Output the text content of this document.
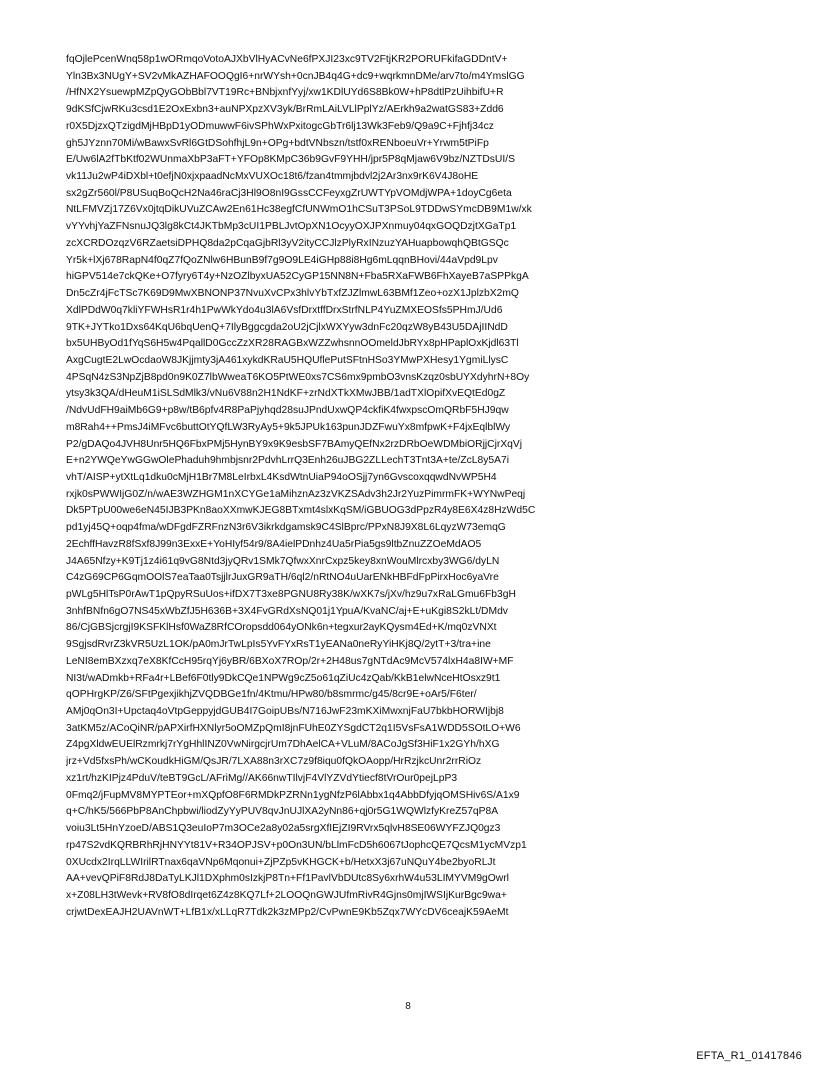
fqOjlePcenWnq58p1wORmqoVotoAJXbVlHyACvNe6fPXJI23xc9TV2FtjKR2PORUFkifaGDDntV+
Yln3Bx3NUgY+SV2vMkAZHAFOOQgI6+nrWYsh+0cnJB4q4G+dc9+wqrkmnDMe/arv7to/m4YmslGG
/HfNX2YsuewpMZpQyGObBbl7VT19Rc+BNbjxnfYyj/xw1KDlUYd6S8Bk0W+hP8dtlPzUihbifU+R
9dKSfCjwRKu3csd1E2OxExbn3+auNPXpzXV3yk/BrRmLAiLVLlPplYz/AErkh9a2watGS83+Zdd6
r0X5DjzxQTzigdMjHBpD1yODmuwwF6ivSPhWxPxitogcGbTr6lj13Wk3Feb9/Q9a9C+Fjhfj34cz
gh5JYznn70Mi/wBawxSvRl6GtDSohfhjL9n+OPg+bdtVNbszn/tstf0xRENboeuVr+Yrwm5tPiFp
E/Uw6lA2fTbKtf02WUnmaXbP3aFT+YFOp8KMpC36b9GvF9YHH/jpr5P8qMjaw6V9bz/NZTDsUI/S
vk11Ju2wP4iDXbl+t0efjN0xjxpaadNcMxVUXOc18t6/fzan4tmmjbdvl2j2Ar3nx9rK6V4J8oHE
sx2gZr560l/P8USuqBoQcH2Na46raCj3Hl9O8nI9GssCCFeyxgZrUWTYpVOMdjWPA+1doyCg6eta
NtLFMVZj17Z6Vx0jtqDikUVuZCAw2En61Hc38egfCfUNWmO1hCSuT3PSoL9TDDwSYmcDB9M1w/xk
vYYvhjYaZFNsnuJQ3lg8kCt4JKTbMp3cUI1PBLJvtOpXN1OcyyOXJPXnmuy04qxGOQDzjtXGaTp1
zcXCRDOzqzV6RZaetsiDPHQ8da2pCqaGjbRl3yV2ityCCJlzPlyRxINzuzYAHuapbowqhQBtGSQc
Yr5k+lXj678RapN4f0qZ7fQoZNlw6HBunB9f7g9O9LE4iGHp88i8Hg6mLqqnBHovi/44aVpd9Lpv
hiGPV514e7ckQKe+O7fyry6T4y+NzOZlbyxUA52CyGP15NN8N+Fba5RXaFWB6FhXayeB7aSPPkgA
Dn5cZr4jFcTSc7K69D9MwXBNONP37NvuXvCPx3hlvYbTxfZJZlmwL63BMf1Zeo+ozX1JplzbX2mQ
XdlPDdW0q7kliYFWHsR1r4h1PwWkYdo4u3lA6VsfDrxtffDrxStrfNLP4YuZMXEOSfs5PHmJ/Ud6
9TK+JYTko1Dxs64KqU6bqUenQ+7IlyBggcgda2oU2jCjlxWXYyw3dnFc20qzW8yB43U5DAjIINdD
bx5UHByOd1fYqS6H5w4PqallD0GccZzXR28RAGBxWZZwhsnnOOmeldJbRYx8pHPaplOxKjdl63Tl
AxgCugtE2LwOcdaoW8JKjjmty3jA461xykdKRaU5HQUflePutSFtnHSo3YMwPXHesy1YgmiLlysC
4PSqN4zS3NpZjB8pd0n9K0Z7lbWweaT6KO5PtWE0xs7CS6mx9pmbO3vnsKzqz0sbUYXdyhrN+8Oy
ytsy3k3QA/dHeuM1iSLSdMlk3/vNu6V88n2H1NdKF+zrNdXTkXMwJBB/1adTXlOpifXvEQtEd0gZ
/NdvUdFH9aiMb6G9+p8w/tB6pfv4R8PaPjyhqd28suJPndUxwQP4ckfiK4fwxpscOmQRbF5HJ9qw
m8Rah4++PmsJ4iMFvc6buttOtYQfLW3RyAy5+9k5JPUk163punJDZFwuYx8mfpwK+F4jxEqlblWy
P2/gDAQo4JVH8Unr5HQ6FbxPMj5HynBY9x9K9esbSF7BAmyQEfNx2rzDRbOeWDMbiORjjCjrXqVj
E+n2YWQeYwGGwOlePhaduh9hmbjsnr2PdvhLrrQ3Enh26uJBG2ZLLechT3Tnt3A+te/ZcL8y5A7i
vhT/AISP+ytXtLq1dku0cMjH1Br7M8LeIrbxL4KsdWtnUiaP94oOSjj7yn6GvscoxqqwdNvWP5H4
rxjk0sPWWIjG0Z/n/wAE3WZHGM1nXCYGe1aMihznAz3zVKZSAdv3h2Jr2YuzPimrmFK+WYNwPeqj
Dk5PTpU00we6eN45IJB3PKn8aoXXmwKJEG8BTxmt4slxKqSM/iGBUOG3dPpzR4y8E6X4z8HzWd5C
pd1yj45Q+oqp4fma/wDFgdFZRFnzN3r6V3ikrkdgamsk9C4SlBprc/PPxN8J9X8L6LqyzW73emqG
2EchffHavzR8fSxf8J99n3ExxE+YoHIyf54r9/8A4ielPDnhz4Ua5rPia5gs9ltbZnuZZOeMdAO5
J4A65Nfzy+K9Tj1z4i61q9vG8Ntd3jyQRv1SMk7QfwxXnrCxpz5key8xnWouMlrcxby3WG6/dyLN
C4zG69CP6GqmOOlS7eaTaa0TsjjlrJuxGR9aTH/6ql2/nRtNO4uUarENkHBFdFpPirxHoc6yaVre
pWLg5HlTsP0rAwT1pQpyRSuUos+ifDX7T3xe8PGNU8Ry38K/wXK7s/jXv/hz9u7xRaLGmu6Fb3gH
3nhfBNfn6gO7NS45xWbZfJ5H636B+3X4FvGRdXsNQ01j1YpuA/KvaNC/aj+E+uKgi8S2kLt/DMdv
86/CjGBSjcrgjI9KSFKlHsf0WaZ8RfCOropsdd064yONk6n+tegxur2ayKQysm4Ed+K/mq0zVNXt
9SgjsdRvrZ3kVR5UzL1OK/pA0mJrTwLpIs5YvFYxRsT1yEANa0neRyYiHKj8Q/2ytT+3/tra+ine
LeNI8emBXzxq7eX8KfCcH95rqYj6yBR/6BXoX7ROp/2r+2H48us7gNTdAc9McV574lxH4a8IW+MF
NI3t/wADmkb+RFa4r+LBef6F0tly9DkCQe1NPWg9cZ5o61qZiUc4zQab/KkB1elwNceHtOsxz9t1
qOPHrgKP/Z6/SFtPgexjikhjZVQDBGe1fn/4Ktmu/HPw80/b8smrmc/g45/8cr9E+oAr5/F6ter/
AMj0qOn3I+Upctaq4oVtpGeppyjdGUB4I7GoipUBs/N716JwF23mKXiMwxnjFaU7bkbHORWIjbj8
3atKM5z/ACoQiNR/pAPXirfHXNlyr5oOMZpQmI8jnFUhE0ZYSgdCT2q1I5VsFsA1WDD5SOtLO+W6
Z4pgXldwEUElRzmrkj7rYgHhlINZ0VwNirgcjrUm7DhAelCA+VLuM/8ACoJgSf3HiF1x2GYh/hXG
jrz+Vd5fxsPh/wCKoudkHiGM/QsJR/7LXA88n3rXC7z9f8iqu0fQkOAopp/HrRzjkcUnr2rrRiOz
xz1rt/hzKIPjz4PduV/teBT9GcL/AFriMg//AK66nwTIlvjF4VlYZVdYtiecf8tVrOur0pejLpP3
0Fmq2/jFupMV8MYPTEor+mXQpfO8F6RMDkPZRNn1ygNfzP6lAbbx1q4AbbDfyjqOMSHiv6S/A1x9
q+C/hK5/566PbP8AnChpbwi/liodZyYyPUV8qvJnUJlXA2yNn86+qj0r5G1WQWlzfyKreZ57qP8A
voiu3Lt5HnYzoeD/ABS1Q3euIoP7m3OCe2a8y02a5srgXfIEjZI9RVrx5qlvH8SE06WYFZJQ0gz3
rp47S2vdKQRBRhRjHNYYt81V+R34OPJSV+p0On3UN/bLlmFcD5h6067tJophcQE7QcsM1ycMVzp1
0XUcdx2IrqLLWIrilRTnax6qaVNp6Mqonui+ZjPZp5vKHGCK+b/HetxX3j67uNQuY4be2byoRLJt
AA+vevQPiF8RdJ8DaTyLKJl1DXphm0sIzkjP8Tn+Ff1PavlVbDUtc8Sy6xrhW4u53LIMYVM9gOwrl
x+Z08LH3tWevk+RV8fO8dIrqet6Z4z8KQ7Lf+2LOOQnGWJUfmRivR4Gjns0mjIWSIjKurBgc9wa+
crjwtDexEAJH2UAVnWT+LfB1x/xLLqR7Tdk2k3zMPp2/CvPwnE9Kb5Zqx7WYcDV6ceajK59AeMt
8
EFTA_R1_01417846
